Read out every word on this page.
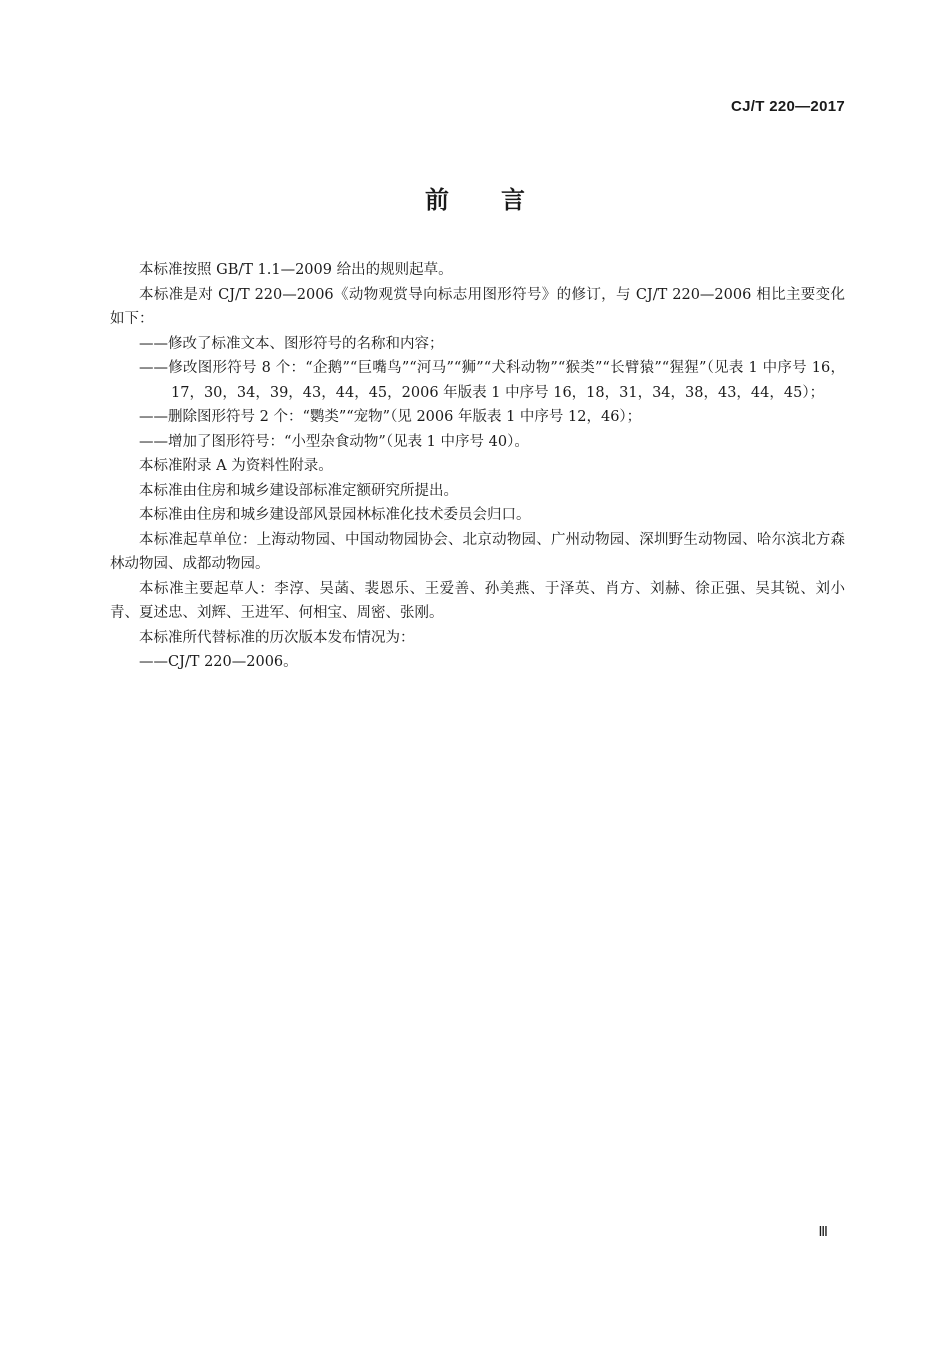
CJ/T 220—2017
前言

本标准按照 GB/T 1.1—2009 给出的规则起草。

本标准是对 CJ/T 220—2006《动物观赏导向标志用图形符号》的修订，与 CJ/T 220—2006 相比主要变化如下：

——修改了标准文本、图形符号的名称和内容；

——修改图形符号 8 个：“企鹅”“巨嘴鸟”“河马”“狮”“犬科动物”“猴类”“长臂猿”“猩猩”（见表 1 中序号 16，17，30，34，39，43，44，45，2006 年版表 1 中序号 16，18，31，34，38，43，44，45）；

——删除图形符号 2 个：“鹦类”“宠物”（见 2006 年版表 1 中序号 12，46）；

——增加了图形符号：“小型杂食动物”（见表 1 中序号 40）。

本标准附录 A 为资料性附录。

本标准由住房和城乡建设部标准定额研究所提出。

本标准由住房和城乡建设部风景园林标准化技术委员会归口。

本标准起草单位：上海动物园、中国动物园协会、北京动物园、广州动物园、深圳野生动物园、哈尔滨北方森林动物园、成都动物园。

本标准主要起草人：李淳、吴菡、裴恩乐、王爱善、孙美燕、于泽英、肖方、刘赫、徐正强、吴其锐、刘小青、夏述忠、刘辉、王进军、何相宝、周密、张刚。

本标准所代替标准的历次版本发布情况为：

——CJ/T 220—2006。

Ⅲ
